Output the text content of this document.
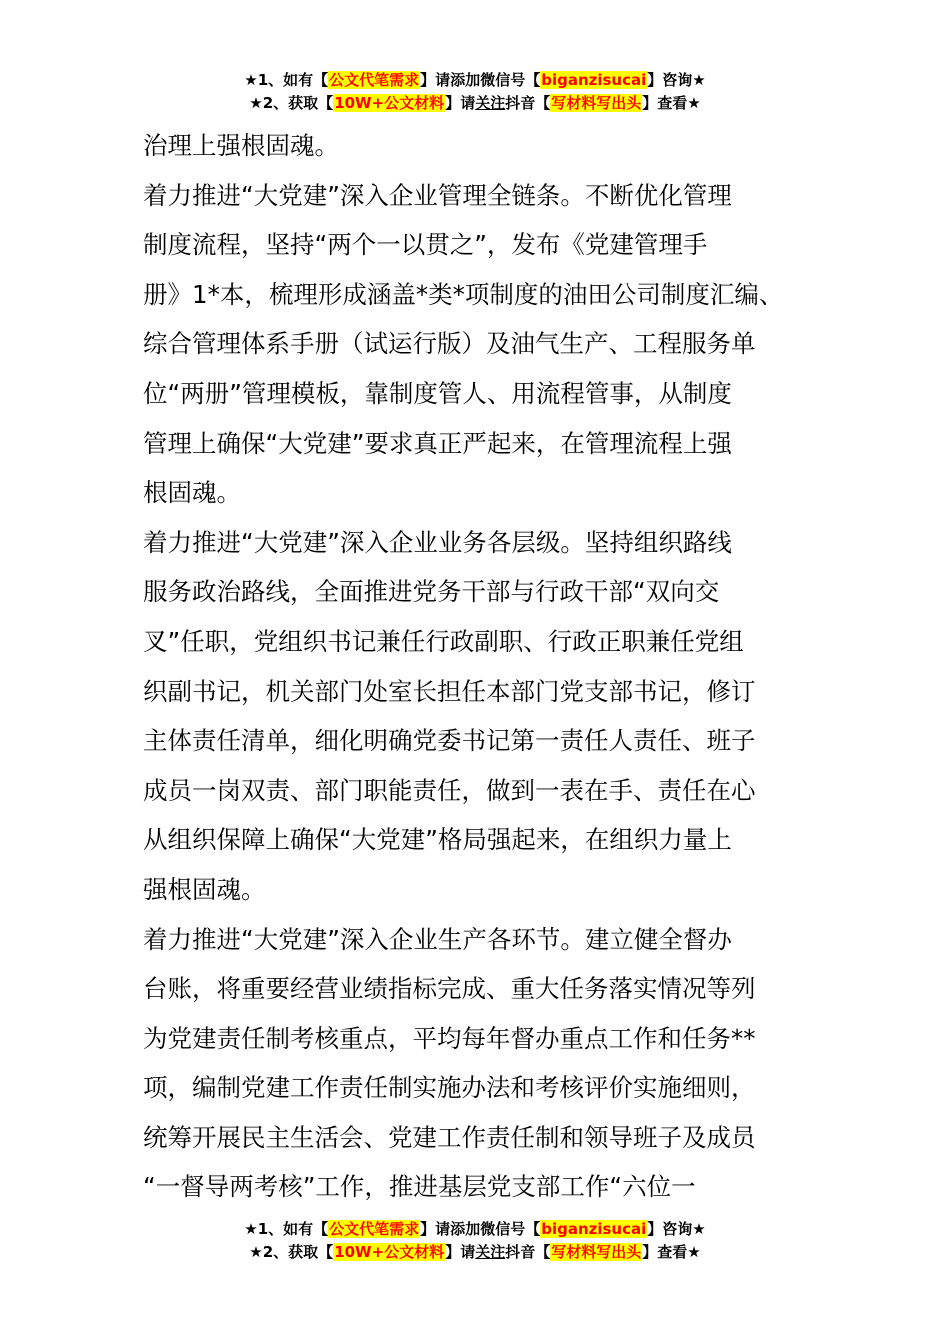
★1、如有【公文代笔需求】请添加微信号【biganzisucai】咨询★
★2、获取【10W+公文材料】请关注抖音【写材料写出头】查看★
治理上强根固魂。
着力推进“大党建”深入企业管理全链条。不断优化管理
制度流程，坚持“两个一以贯之”，发布《党建管理手
册》1*本，梳理形成涵盖*类*项制度的油田公司制度汇编、
综合管理体系手册（试运行版）及油气生产、工程服务单
位“两册”管理模板，靠制度管人、用流程管事，从制度
管理上确保“大党建”要求真正严起来，在管理流程上强
根固魂。
着力推进“大党建”深入企业业务各层级。坚持组织路线
服务政治路线，全面推进党务干部与行政干部“双向交
叉”任职，党组织书记兼任行政副职、行政正职兼任党组
织副书记，机关部门处室长担任本部门党支部书记，修订
主体责任清单，细化明确党委书记第一责任人责任、班子
成员一岗双责、部门职能责任，做到一表在手、责任在心
从组织保障上确保“大党建”格局强起来，在组织力量上
强根固魂。
着力推进“大党建”深入企业生产各环节。建立健全督办
台账，将重要经营业绩指标完成、重大任务落实情况等列
为党建责任制考核重点，平均每年督办重点工作和任务**
项，编制党建工作责任制实施办法和考核评价实施细则，
统筹开展民主生活会、党建工作责任制和领导班子及成员
“一督导两考核”工作，推进基层党支部工作“六位一
★1、如有【公文代笔需求】请添加微信号【biganzisucai】咨询★
★2、获取【10W+公文材料】请关注抖音【写材料写出头】查看★
